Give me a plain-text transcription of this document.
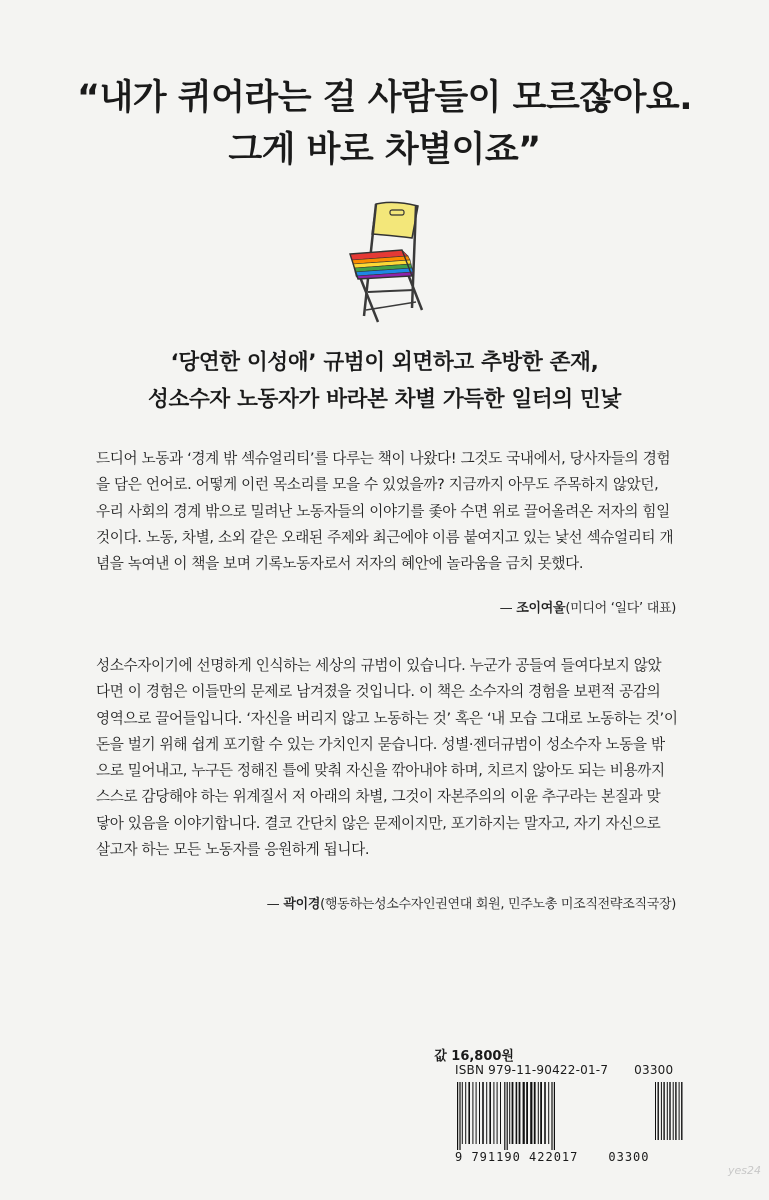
“내가 퀴어라는 걸 사람들이 모르잖아요.
그게 바로 차별이죠”
‘당연한 이성애’ 규범이 외면하고 추방한 존재,
성소수자 노동자가 바라본 차별 가득한 일터의 민낯
드디어 노동과 ‘경계 밖 섹슈얼리티’를 다루는 책이 나왔다! 그것도 국내에서, 당사자들의 경험
을 담은 언어로. 어떻게 이런 목소리를 모을 수 있었을까? 지금까지 아무도 주목하지 않았던,
우리 사회의 경계 밖으로 밀려난 노동자들의 이야기를 좇아 수면 위로 끌어올려온 저자의 힘일
것이다. 노동, 차별, 소외 같은 오래된 주제와 최근에야 이름 붙여지고 있는 낯선 섹슈얼리티 개
념을 녹여낸 이 책을 보며 기록노동자로서 저자의 혜안에 놀라움을 금치 못했다.
— 조이여울(미디어 ‘일다’ 대표)
성소수자이기에 선명하게 인식하는 세상의 규범이 있습니다. 누군가 공들여 들여다보지 않았
다면 이 경험은 이들만의 문제로 남겨졌을 것입니다. 이 책은 소수자의 경험을 보편적 공감의
영역으로 끌어들입니다. ‘자신을 버리지 않고 노동하는 것’ 혹은 ‘내 모습 그대로 노동하는 것’이
돈을 벌기 위해 쉽게 포기할 수 있는 가치인지 묻습니다. 성별·젠더규범이 성소수자 노동을 밖
으로 밀어내고, 누구든 정해진 틀에 맞춰 자신을 깎아내야 하며, 치르지 않아도 되는 비용까지
스스로 감당해야 하는 위계질서 저 아래의 차별, 그것이 자본주의의 이윤 추구라는 본질과 맞
닿아 있음을 이야기합니다. 결코 간단치 않은 문제이지만, 포기하지는 말자고, 자기 자신으로
살고자 하는 모든 노동자를 응원하게 됩니다.
— 곽이경(행동하는성소수자인권연대 회원, 민주노총 미조직전략조직국장)
값 16,800원
ISBN 979-11-90422-01-7 03300
9 791190 422017	03300
yes24
